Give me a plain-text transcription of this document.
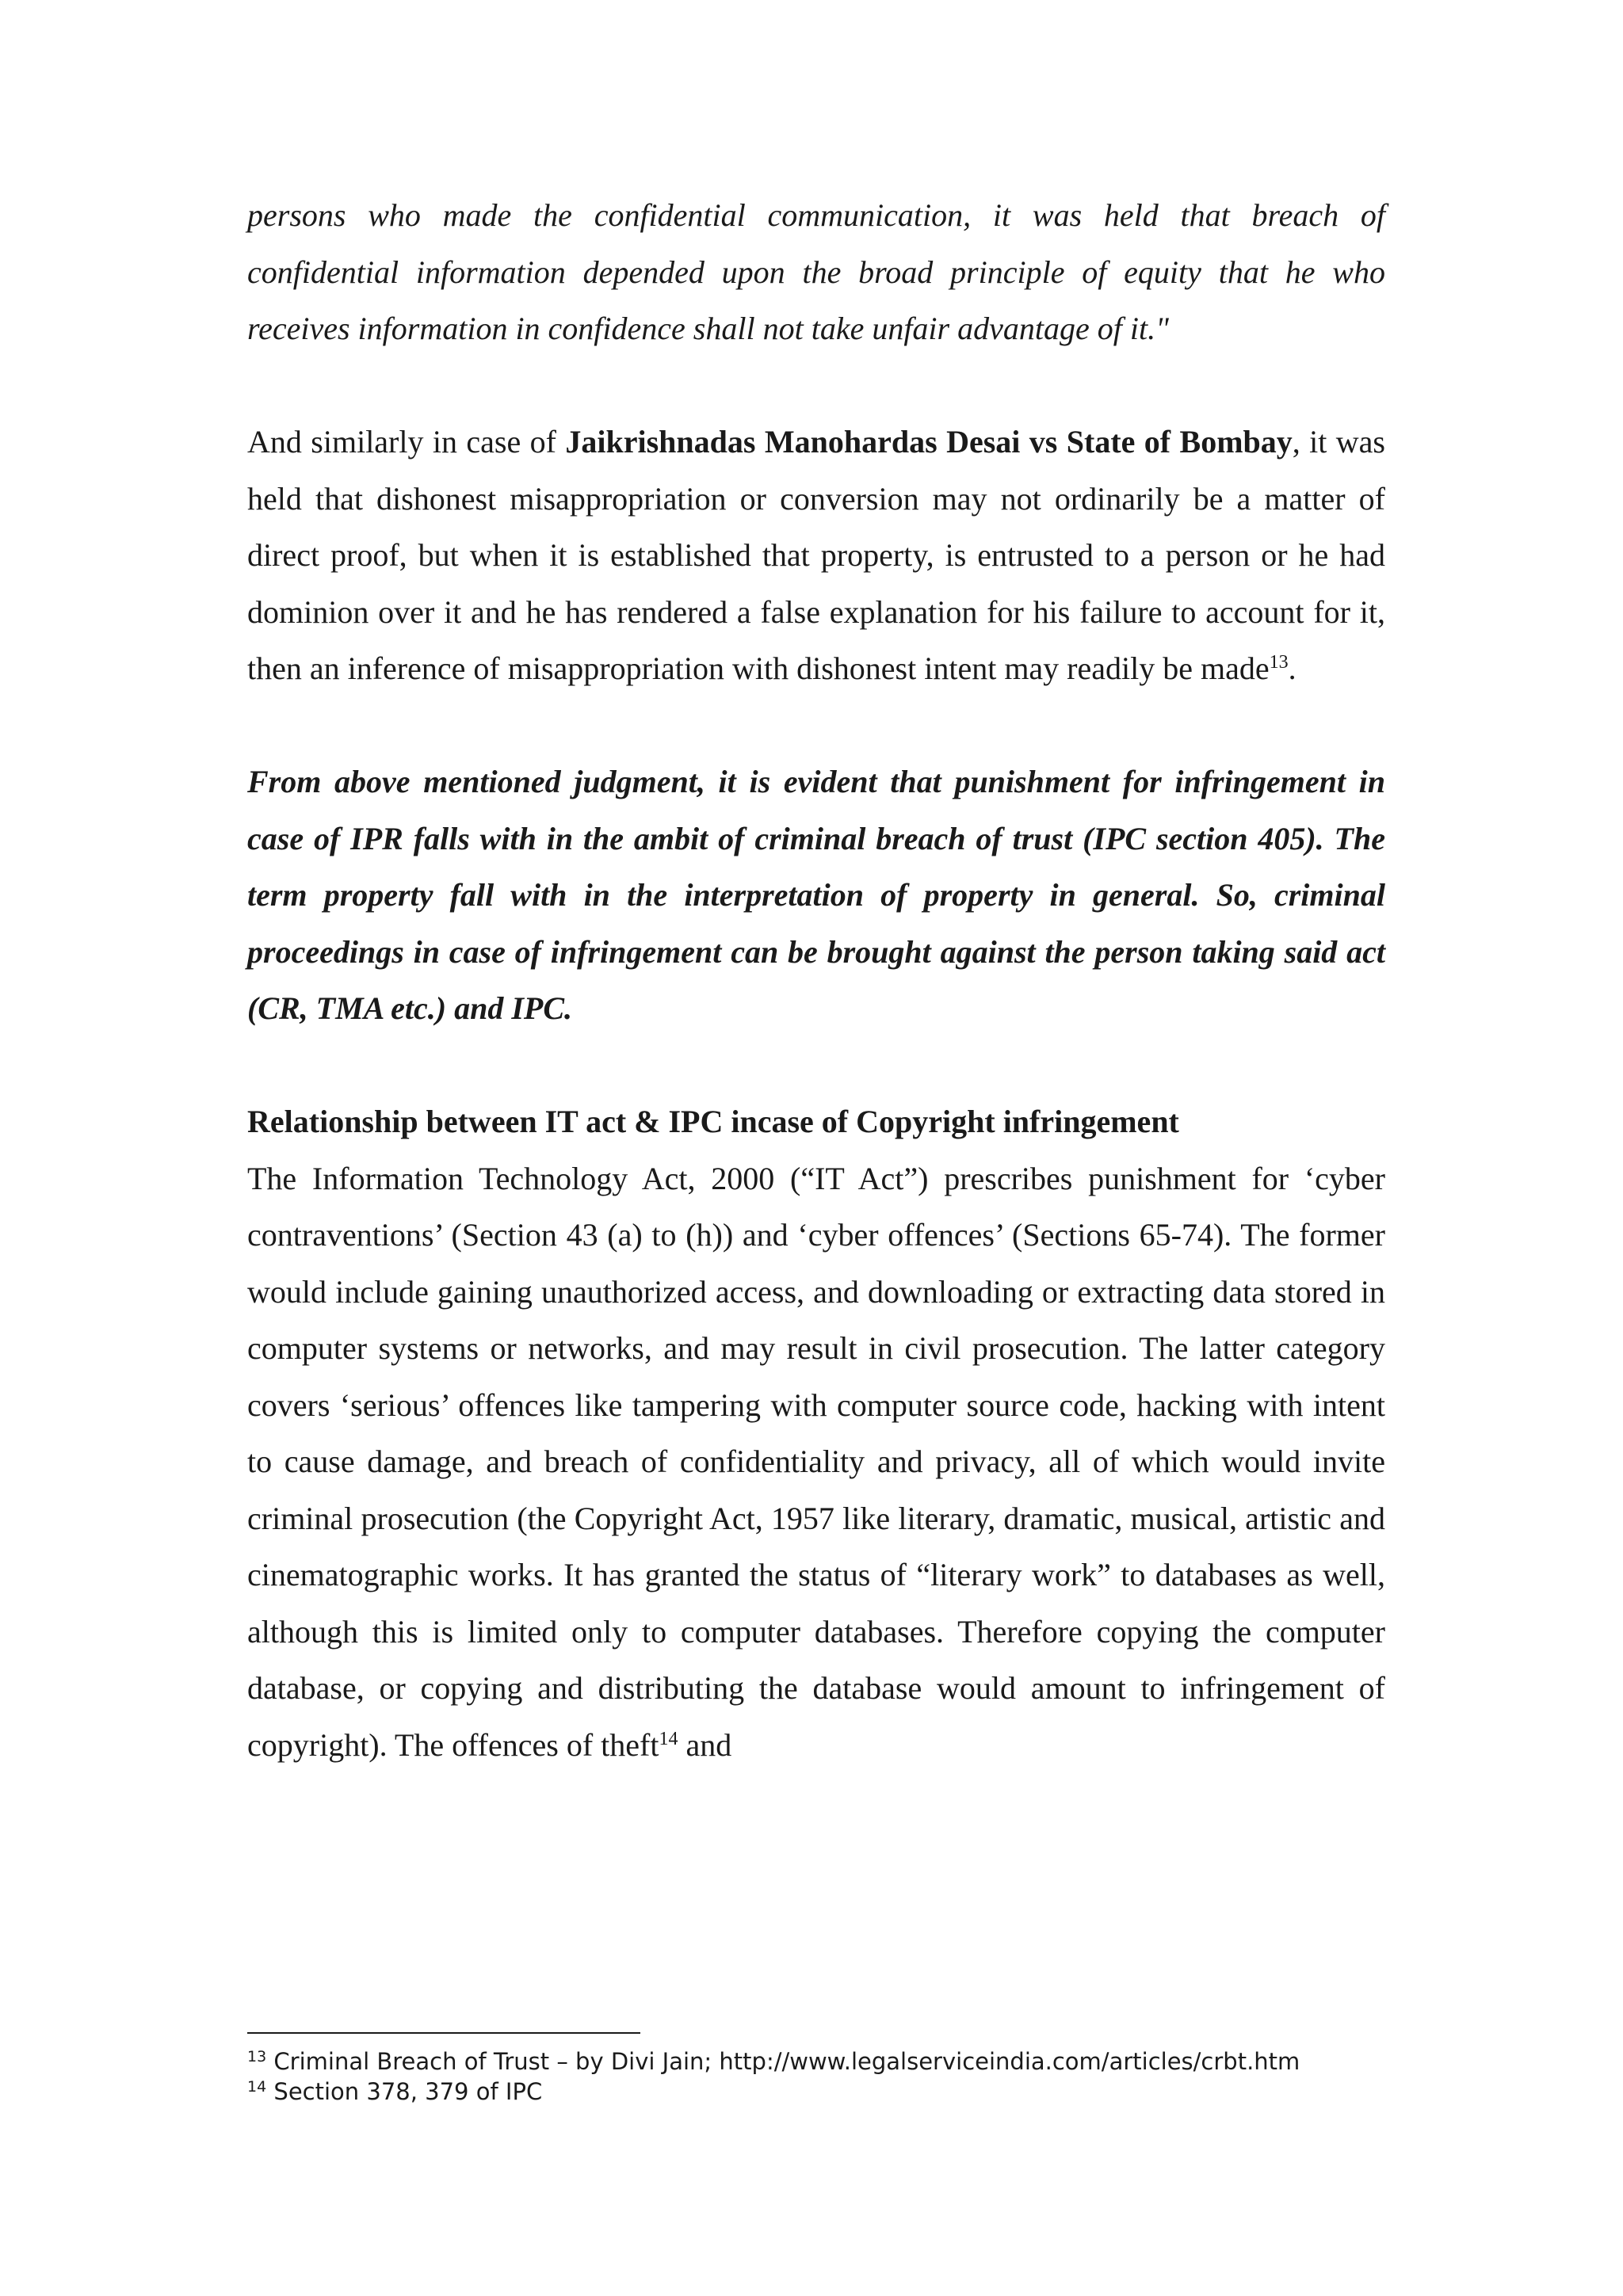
persons who made the confidential communication, it was held that breach of confidential information depended upon the broad principle of equity that he who receives information in confidence shall not take unfair advantage of it."

And similarly in case of Jaikrishnadas Manohardas Desai vs State of Bombay, it was held that dishonest misappropriation or conversion may not ordinarily be a matter of direct proof, but when it is established that property, is entrusted to a person or he had dominion over it and he has rendered a false explanation for his failure to account for it, then an inference of misappropriation with dishonest intent may readily be made$^{13}$.

From above mentioned judgment, it is evident that punishment for infringement in case of IPR falls with in the ambit of criminal breach of trust (IPC section 405). The term property fall with in the interpretation of property in general. So, criminal proceedings in case of infringement can be brought against the person taking said act (CR, TMA etc.) and IPC.

Relationship between IT act & IPC incase of Copyright infringement

The Information Technology Act, 2000 (“IT Act”) prescribes punishment for ‘cyber contraventions’ (Section 43 (a) to (h)) and ‘cyber offences’ (Sections 65-74). The former would include gaining unauthorized access, and downloading or extracting data stored in computer systems or networks, and may result in civil prosecution. The latter category covers ‘serious’ offences like tampering with computer source code, hacking with intent to cause damage, and breach of confidentiality and privacy, all of which would invite criminal prosecution (the Copyright Act, 1957 like literary, dramatic, musical, artistic and cinematographic works. It has granted the status of “literary work” to databases as well, although this is limited only to computer databases. Therefore copying the computer database, or copying and distributing the database would amount to infringement of copyright). The offences of theft$^{14}$ and

$^{13}$ Criminal Breach of Trust – by Divi Jain; http://www.legalserviceindia.com/articles/crbt.htm

$^{14}$ Section 378, 379 of IPC
